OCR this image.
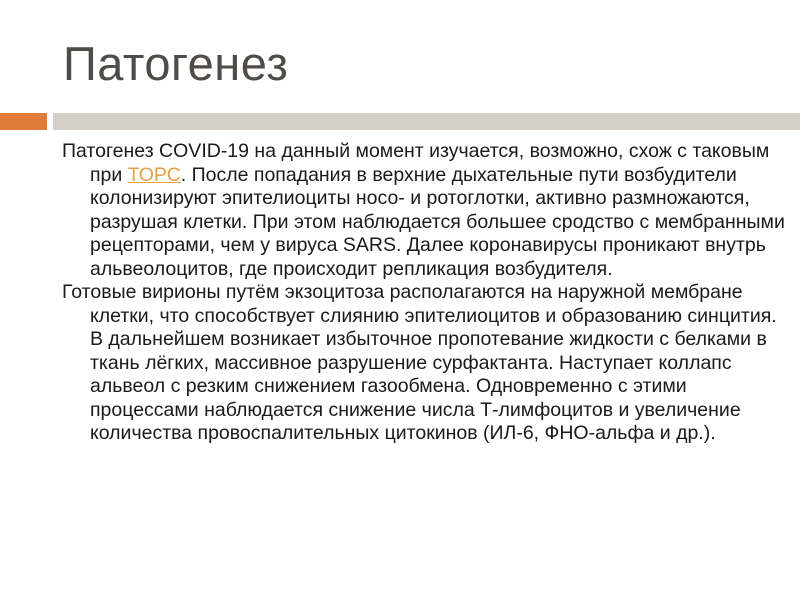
Патогенез

Патогенез COVID-19 на данный момент изучается, возможно, схож с таковым при ТОРС. После попадания в верхние дыхательные пути возбудители колонизируют эпителиоциты носо- и ротоглотки, активно размножаются, разрушая клетки. При этом наблюдается большее сродство с мембранными рецепторами, чем у вируса SARS. Далее коронавирусы проникают внутрь альвеолоцитов, где происходит репликация возбудителя.

Готовые вирионы путём экзоцитоза располагаются на наружной мембране клетки, что способствует слиянию эпителиоцитов и образованию синцития. В дальнейшем возникает избыточное пропотевание жидкости с белками в ткань лёгких, массивное разрушение сурфактанта. Наступает коллапс альвеол с резким снижением газообмена. Одновременно с этими процессами наблюдается снижение числа Т-лимфоцитов и увеличение количества провоспалительных цитокинов (ИЛ-6, ФНО-альфа и др.).
